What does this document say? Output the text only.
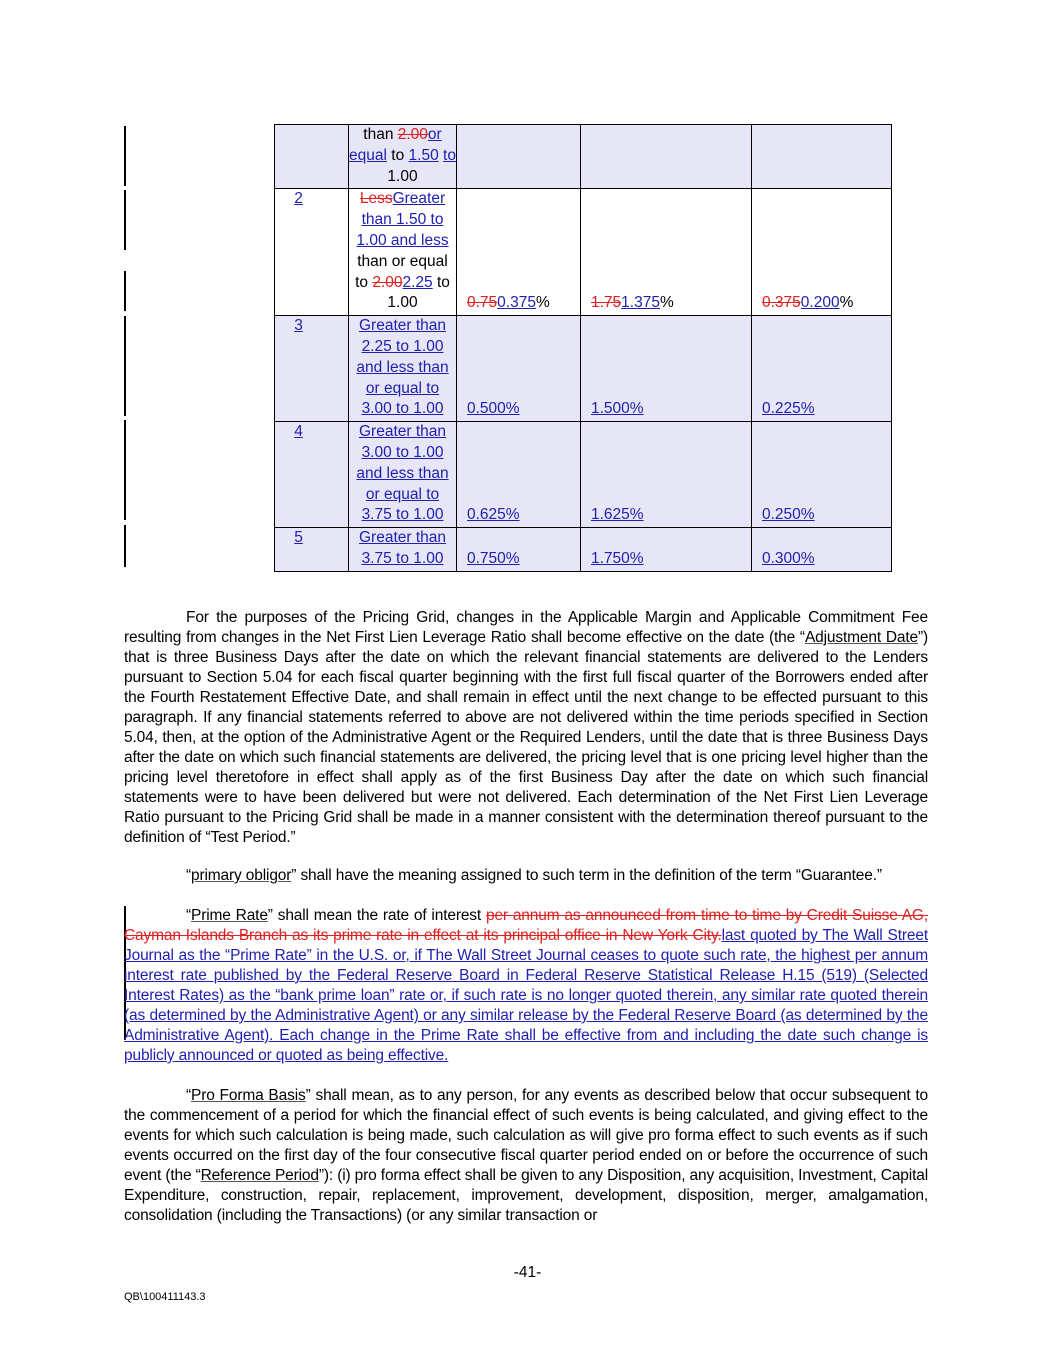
	than 2.00or equal to 1.50 to 1.00			
2	LessGreater than 1.50 to 1.00 and less than or equal to 2.002.25 to 1.00	0.750.375%	1.751.375%	0.3750.200%
3	Greater than 2.25 to 1.00 and less than or equal to 3.00 to 1.00	0.500%	1.500%	0.225%
4	Greater than 3.00 to 1.00 and less than or equal to 3.75 to 1.00	0.625%	1.625%	0.250%
5	Greater than 3.75 to 1.00	0.750%	1.750%	0.300%

For the purposes of the Pricing Grid, changes in the Applicable Margin and Applicable Commitment Fee resulting from changes in the Net First Lien Leverage Ratio shall become effective on the date (the “Adjustment Date”) that is three Business Days after the date on which the relevant financial statements are delivered to the Lenders pursuant to Section 5.04 for each fiscal quarter beginning with the first full fiscal quarter of the Borrowers ended after the Fourth Restatement Effective Date, and shall remain in effect until the next change to be effected pursuant to this paragraph. If any financial statements referred to above are not delivered within the time periods specified in Section 5.04, then, at the option of the Administrative Agent or the Required Lenders, until the date that is three Business Days after the date on which such financial statements are delivered, the pricing level that is one pricing level higher than the pricing level theretofore in effect shall apply as of the first Business Day after the date on which such financial statements were to have been delivered but were not delivered. Each determination of the Net First Lien Leverage Ratio pursuant to the Pricing Grid shall be made in a manner consistent with the determination thereof pursuant to the definition of “Test Period.”

“primary obligor” shall have the meaning assigned to such term in the definition of the term “Guarantee.”

“Prime Rate” shall mean the rate of interest per annum as announced from time to time by Credit Suisse AG, Cayman Islands Branch as its prime rate in effect at its principal office in New York City.last quoted by The Wall Street Journal as the “Prime Rate” in the U.S. or, if The Wall Street Journal ceases to quote such rate, the highest per annum interest rate published by the Federal Reserve Board in Federal Reserve Statistical Release H.15 (519) (Selected Interest Rates) as the “bank prime loan” rate or, if such rate is no longer quoted therein, any similar rate quoted therein (as determined by the Administrative Agent) or any similar release by the Federal Reserve Board (as determined by the Administrative Agent). Each change in the Prime Rate shall be effective from and including the date such change is publicly announced or quoted as being effective.

“Pro Forma Basis” shall mean, as to any person, for any events as described below that occur subsequent to the commencement of a period for which the financial effect of such events is being calculated, and giving effect to the events for which such calculation is being made, such calculation as will give pro forma effect to such events as if such events occurred on the first day of the four consecutive fiscal quarter period ended on or before the occurrence of such event (the “Reference Period”): (i) pro forma effect shall be given to any Disposition, any acquisition, Investment, Capital Expenditure, construction, repair, replacement, improvement, development, disposition, merger, amalgamation, consolidation (including the Transactions) (or any similar transaction or

-41-
QB\100411143.3
